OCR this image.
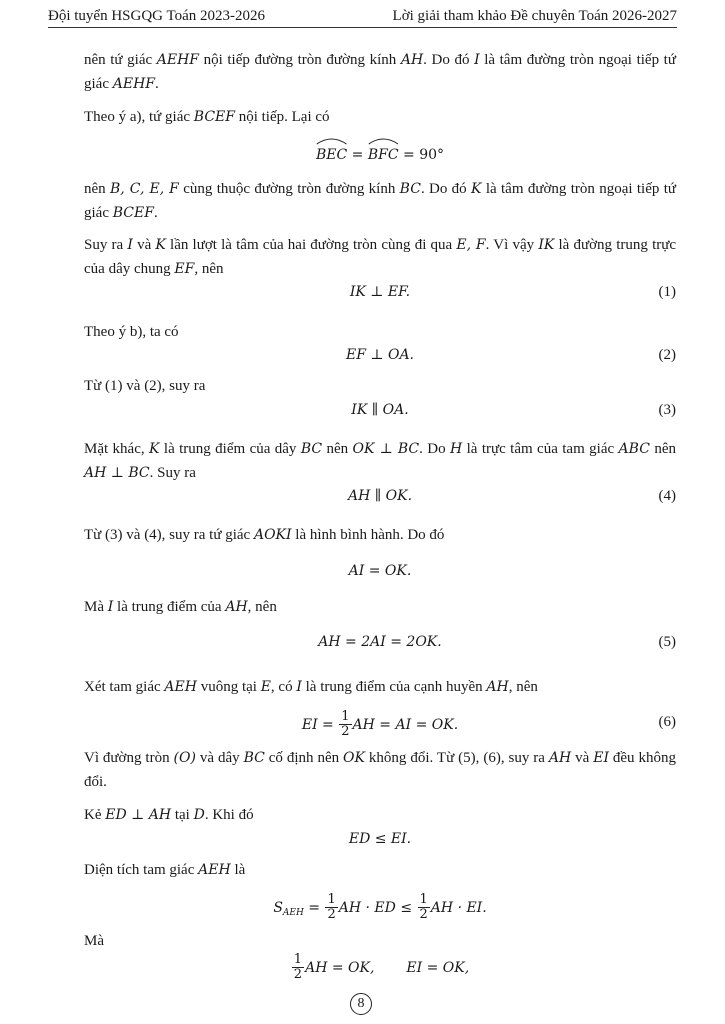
Đội tuyển HSGQG Toán 2023-2026	Lời giải tham khảo Đề chuyên Toán 2026-2027
nên tứ giác AEHF nội tiếp đường tròn đường kính AH. Do đó I là tâm đường tròn ngoại tiếp tứ giác AEHF.
Theo ý a), tứ giác BCEF nội tiếp. Lại có
BEC =
BFC = 90°
nên B, C, E, F cùng thuộc đường tròn đường kính BC. Do đó K là tâm đường tròn ngoại tiếp tứ giác BCEF.
Suy ra I và K lần lượt là tâm của hai đường tròn cùng đi qua E, F. Vì vậy IK là đường trung trực của dây chung EF, nên
IK ⊥ EF.	(1)
Theo ý b), ta có
EF ⊥ OA.	(2)
Từ (1) và (2), suy ra
IK ∥ OA.	(3)
Mặt khác, K là trung điểm của dây BC nên OK ⊥ BC. Do H là trực tâm của tam giác ABC nên AH ⊥ BC. Suy ra
AH ∥ OK.	(4)
Từ (3) và (4), suy ra tứ giác AOKI là hình bình hành. Do đó
AI = OK.
Mà I là trung điểm của AH, nên
AH = 2AI = 2OK.	(5)
Xét tam giác AEH vuông tại E, có I là trung điểm của cạnh huyền AH, nên
EI = $\frac{1}{2}$ AH = AI = OK.	(6)
Vì đường tròn (O) và dây BC cố định nên OK không đổi. Từ (5), (6), suy ra AH và EI đều không đổi.
Kẻ ED ⊥ AH tại D. Khi đó
ED ≤ EI.
Diện tích tam giác AEH là
$S_{AEH} = \frac{1}{2}$ AH · ED ≤ $\frac{1}{2}$ AH · EI.
Mà
$\frac{1}{2}$ AH = OK, EI = OK,
8
